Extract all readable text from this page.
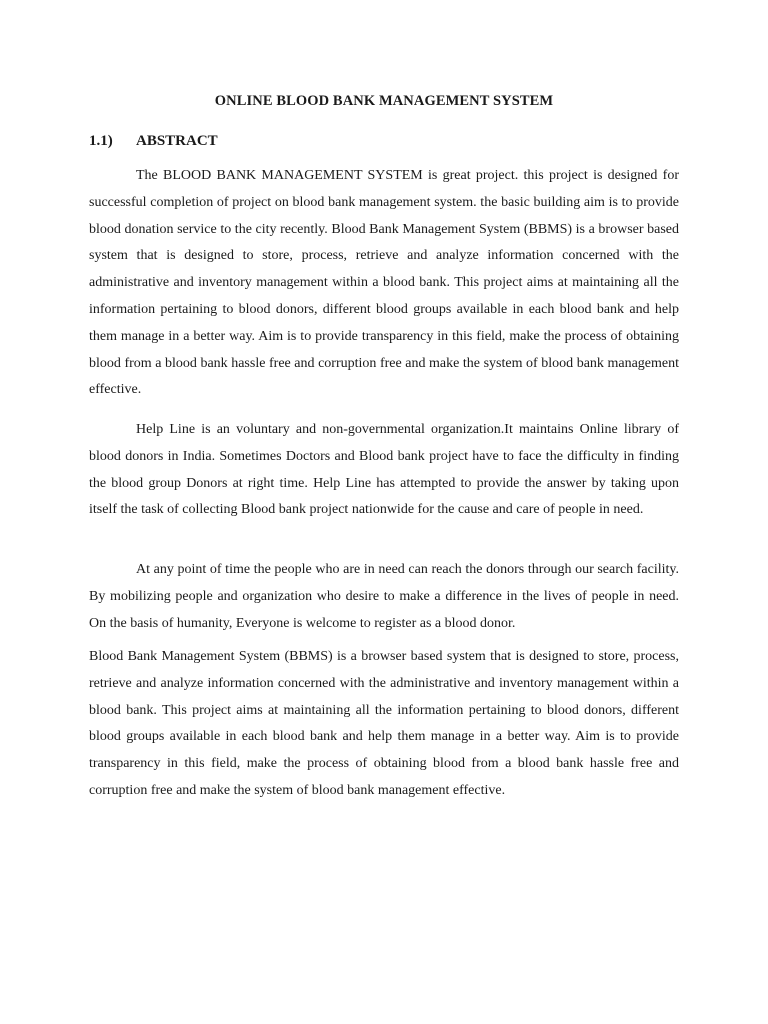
ONLINE BLOOD BANK MANAGEMENT SYSTEM
1.1) ABSTRACT

The BLOOD BANK MANAGEMENT SYSTEM is great project. this project is designed for successful completion of project on blood bank management system. the basic building aim is to provide blood donation service to the city recently. Blood Bank Management System (BBMS) is a browser based system that is designed to store, process, retrieve and analyze information concerned with the administrative and inventory management within a blood bank. This project aims at maintaining all the information pertaining to blood donors, different blood groups available in each blood bank and help them manage in a better way. Aim is to provide transparency in this field, make the process of obtaining blood from a blood bank hassle free and corruption free and make the system of blood bank management effective.

Help Line is an voluntary and non-governmental organization.It maintains Online library of blood donors in India. Sometimes Doctors and Blood bank project have to face the difficulty in finding the blood group Donors at right time. Help Line has attempted to provide the answer by taking upon itself the task of collecting Blood bank project nationwide for the cause and care of people in need.

At any point of time the people who are in need can reach the donors through our search facility. By mobilizing people and organization who desire to make a difference in the lives of people in need. On the basis of humanity, Everyone is welcome to register as a blood donor.

Blood Bank Management System (BBMS) is a browser based system that is designed to store, process, retrieve and analyze information concerned with the administrative and inventory management within a blood bank. This project aims at maintaining all the information pertaining to blood donors, different blood groups available in each blood bank and help them manage in a better way. Aim is to provide transparency in this field, make the process of obtaining blood from a blood bank hassle free and corruption free and make the system of blood bank management effective.
